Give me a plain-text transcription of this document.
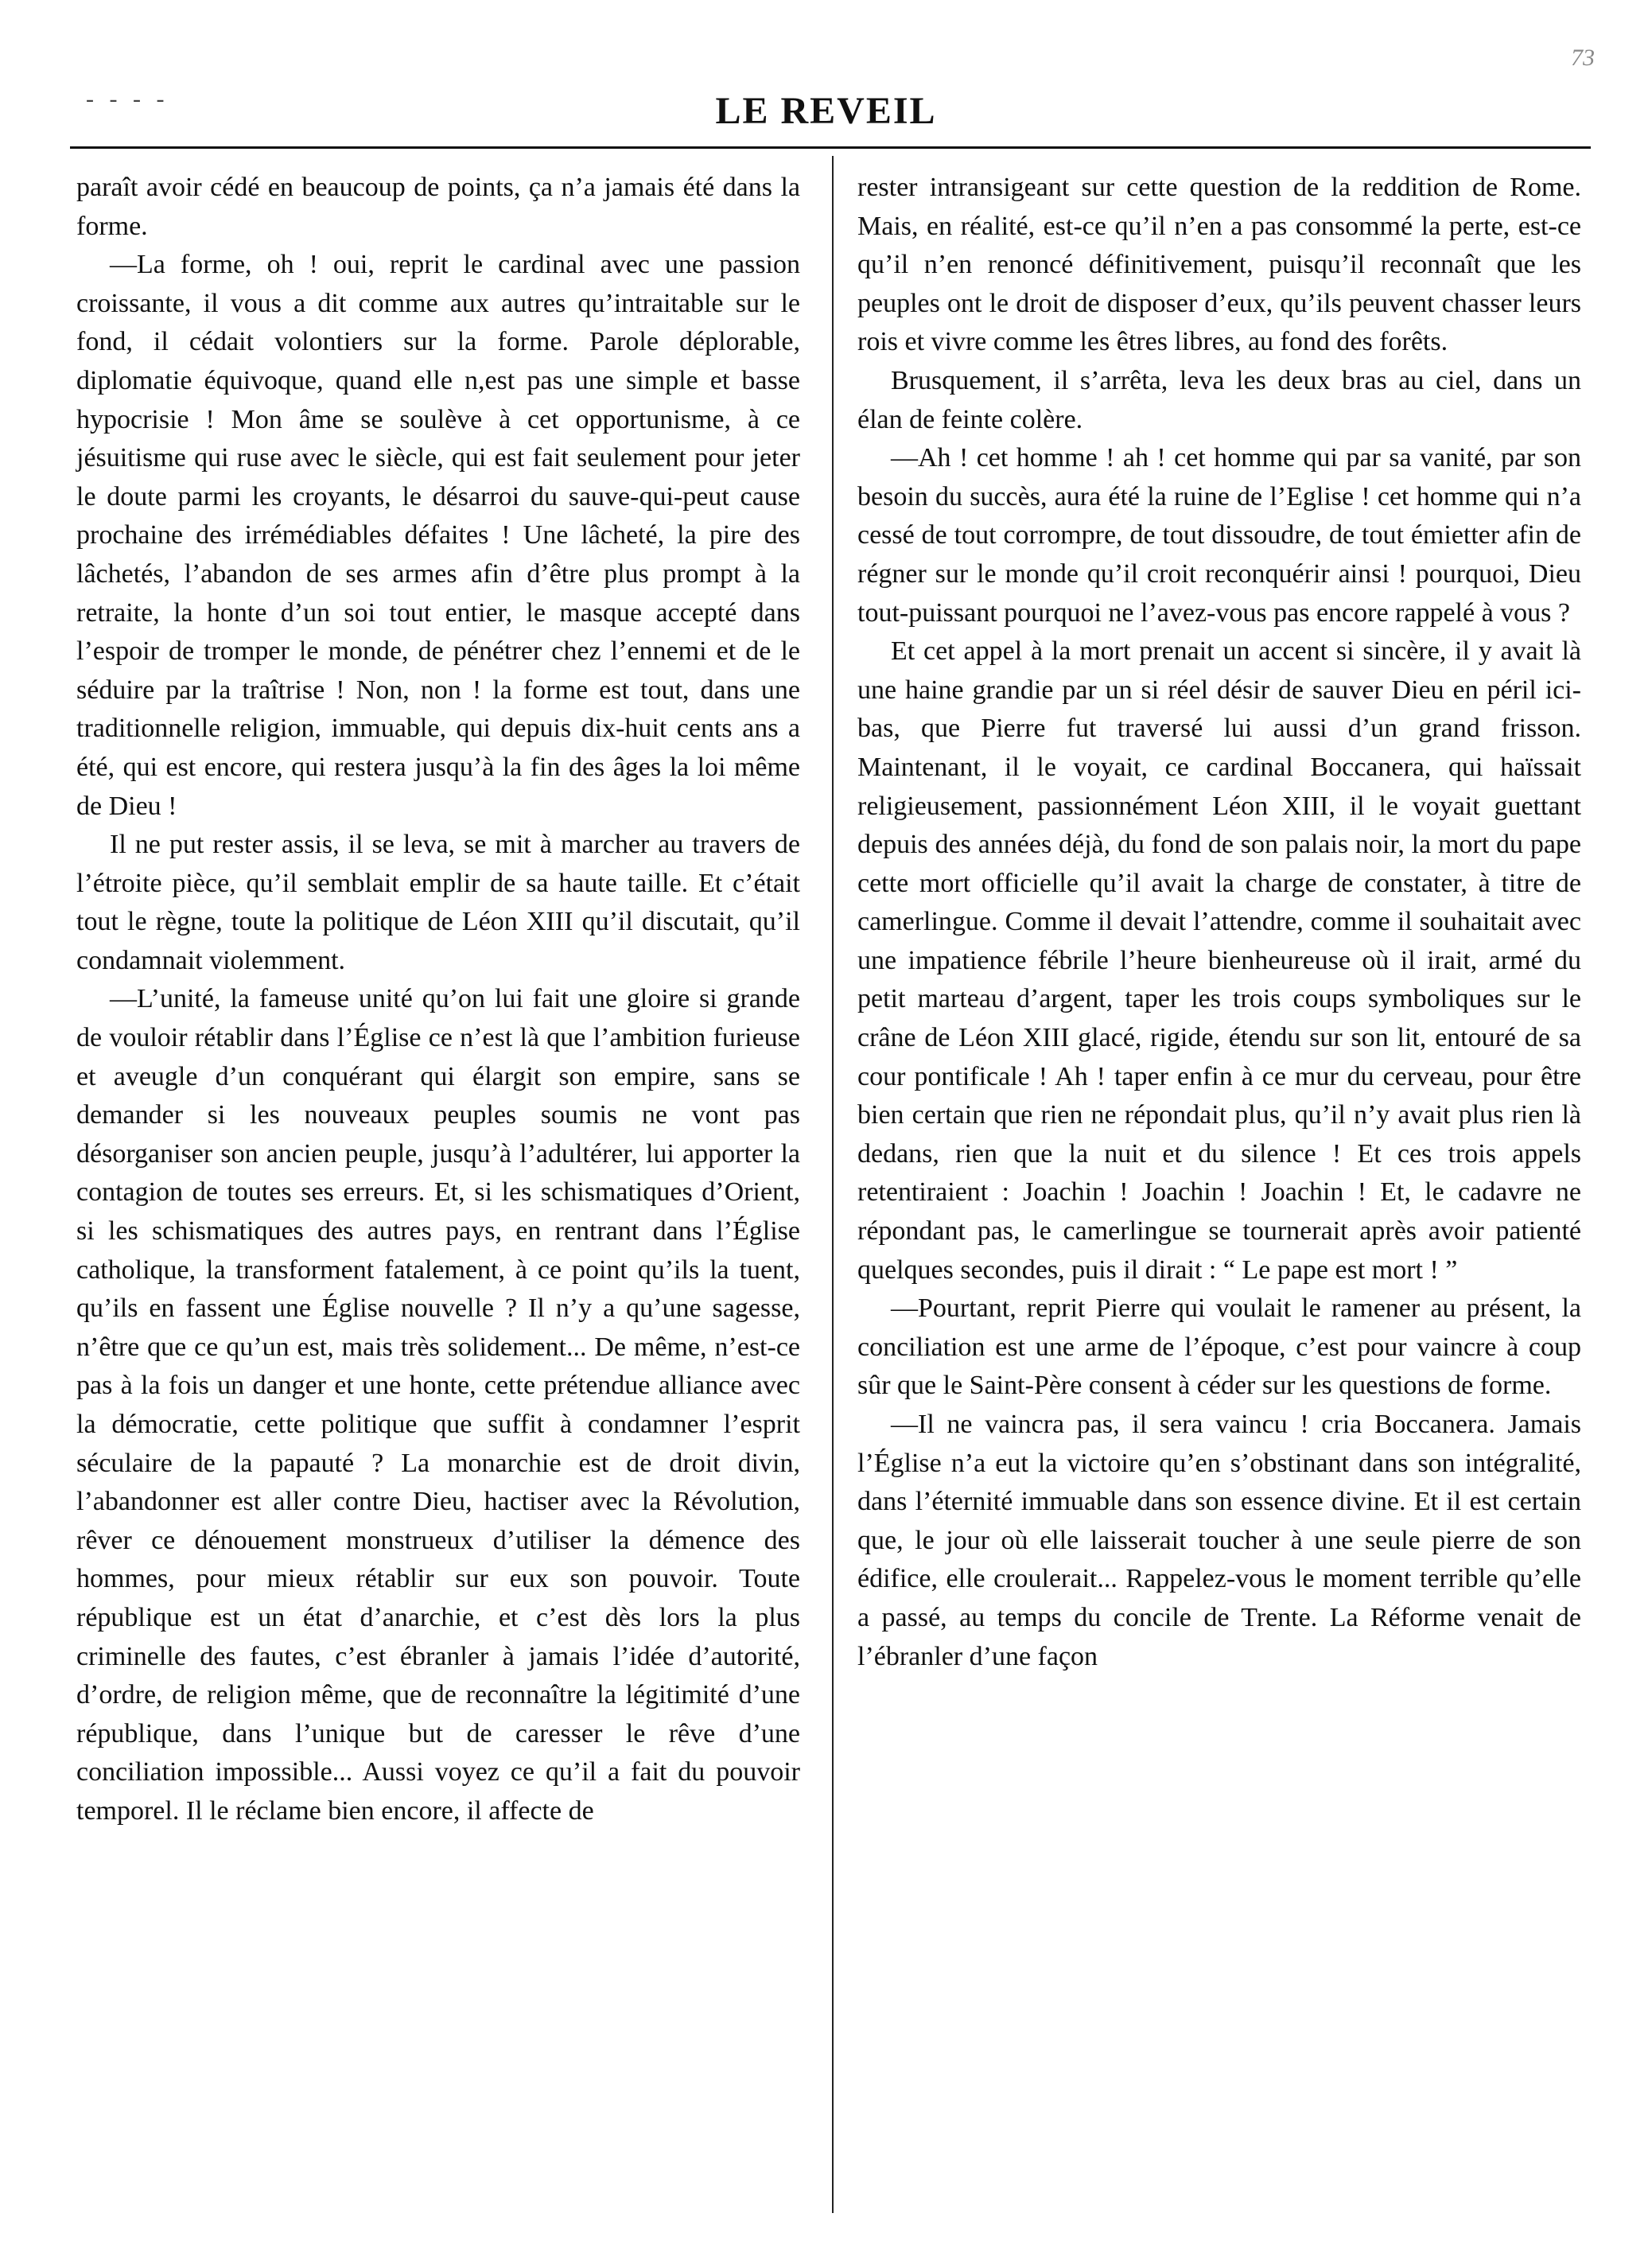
- - - -
73
LE REVEIL

paraît avoir cédé en beaucoup de points, ça n’a jamais été dans la forme.

—La forme, oh ! oui, reprit le cardinal avec une passion croissante, il vous a dit comme aux autres qu’intraitable sur le fond, il cédait volontiers sur la forme. Parole déplorable, diplomatie équivoque, quand elle n,est pas une simple et basse hypocrisie ! Mon âme se soulève à cet opportunisme, à ce jésuitisme qui ruse avec le siècle, qui est fait seulement pour jeter le doute parmi les croyants, le désarroi du sauve-qui-peut cause prochaine des irrémédiables défaites ! Une lâcheté, la pire des lâchetés, l’abandon de ses armes afin d’être plus prompt à la retraite, la honte d’un soi tout entier, le masque accepté dans l’espoir de tromper le monde, de pénétrer chez l’ennemi et de le séduire par la traîtrise ! Non, non ! la forme est tout, dans une traditionnelle religion, immuable, qui depuis dix-huit cents ans a été, qui est encore, qui restera jusqu’à la fin des âges la loi même de Dieu !

Il ne put rester assis, il se leva, se mit à marcher au travers de l’étroite pièce, qu’il semblait emplir de sa haute taille. Et c’était tout le règne, toute la politique de Léon XIII qu’il discutait, qu’il condamnait violemment.

—L’unité, la fameuse unité qu’on lui fait une gloire si grande de vouloir rétablir dans l’Église ce n’est là que l’ambition furieuse et aveugle d’un conquérant qui élargit son empire, sans se demander si les nouveaux peuples soumis ne vont pas désorganiser son ancien peuple, jusqu’à l’adultérer, lui apporter la contagion de toutes ses erreurs. Et, si les schismatiques d’Orient, si les schismatiques des autres pays, en rentrant dans l’Église catholique, la transforment fatalement, à ce point qu’ils la tuent, qu’ils en fassent une Église nouvelle ? Il n’y a qu’une sagesse, n’être que ce qu’un est, mais très solidement... De même, n’est-ce pas à la fois un danger et une honte, cette prétendue alliance avec la démocratie, cette politique que suffit à condamner l’esprit séculaire de la papauté ? La monarchie est de droit divin, l’abandonner est aller contre Dieu, hactiser avec la Révolution, rêver ce dénouement monstrueux d’utiliser la démence des hommes, pour mieux rétablir sur eux son pouvoir. Toute république est un état d’anarchie, et c’est dès lors la plus criminelle des fautes, c’est ébranler à jamais l’idée d’autorité, d’ordre, de religion même, que de reconnaître la légitimité d’une république, dans l’unique but de caresser le rêve d’une conciliation impossible... Aussi voyez ce qu’il a fait du pouvoir temporel. Il le réclame bien encore, il affecte de

rester intransigeant sur cette question de la reddition de Rome. Mais, en réalité, est-ce qu’il n’en a pas consommé la perte, est-ce qu’il n’en renoncé définitivement, puisqu’il reconnaît que les peuples ont le droit de disposer d’eux, qu’ils peuvent chasser leurs rois et vivre comme les êtres libres, au fond des forêts.

Brusquement, il s’arrêta, leva les deux bras au ciel, dans un élan de feinte colère.

—Ah ! cet homme ! ah ! cet homme qui par sa vanité, par son besoin du succès, aura été la ruine de l’Eglise ! cet homme qui n’a cessé de tout corrompre, de tout dissoudre, de tout émietter afin de régner sur le monde qu’il croit reconquérir ainsi ! pourquoi, Dieu tout-puissant pourquoi ne l’avez-vous pas encore rappelé à vous ?

Et cet appel à la mort prenait un accent si sincère, il y avait là une haine grandie par un si réel désir de sauver Dieu en péril ici-bas, que Pierre fut traversé lui aussi d’un grand frisson. Maintenant, il le voyait, ce cardinal Boccanera, qui haïssait religieusement, passionnément Léon XIII, il le voyait guettant depuis des années déjà, du fond de son palais noir, la mort du pape cette mort officielle qu’il avait la charge de constater, à titre de camerlingue. Comme il devait l’attendre, comme il souhaitait avec une impatience fébrile l’heure bienheureuse où il irait, armé du petit marteau d’argent, taper les trois coups symboliques sur le crâne de Léon XIII glacé, rigide, étendu sur son lit, entouré de sa cour pontificale ! Ah ! taper enfin à ce mur du cerveau, pour être bien certain que rien ne répondait plus, qu’il n’y avait plus rien là dedans, rien que la nuit et du silence ! Et ces trois appels retentiraient : Joachin ! Joachin ! Joachin ! Et, le cadavre ne répondant pas, le camerlingue se tournerait après avoir patienté quelques secondes, puis il dirait : “ Le pape est mort ! ”

—Pourtant, reprit Pierre qui voulait le ramener au présent, la conciliation est une arme de l’époque, c’est pour vaincre à coup sûr que le Saint-Père consent à céder sur les questions de forme.

—Il ne vaincra pas, il sera vaincu ! cria Boccanera. Jamais l’Église n’a eut la victoire qu’en s’obstinant dans son intégralité, dans l’éternité immuable dans son essence divine. Et il est certain que, le jour où elle laisserait toucher à une seule pierre de son édifice, elle croulerait... Rappelez-vous le moment terrible qu’elle a passé, au temps du concile de Trente. La Réforme venait de l’ébranler d’une façon
